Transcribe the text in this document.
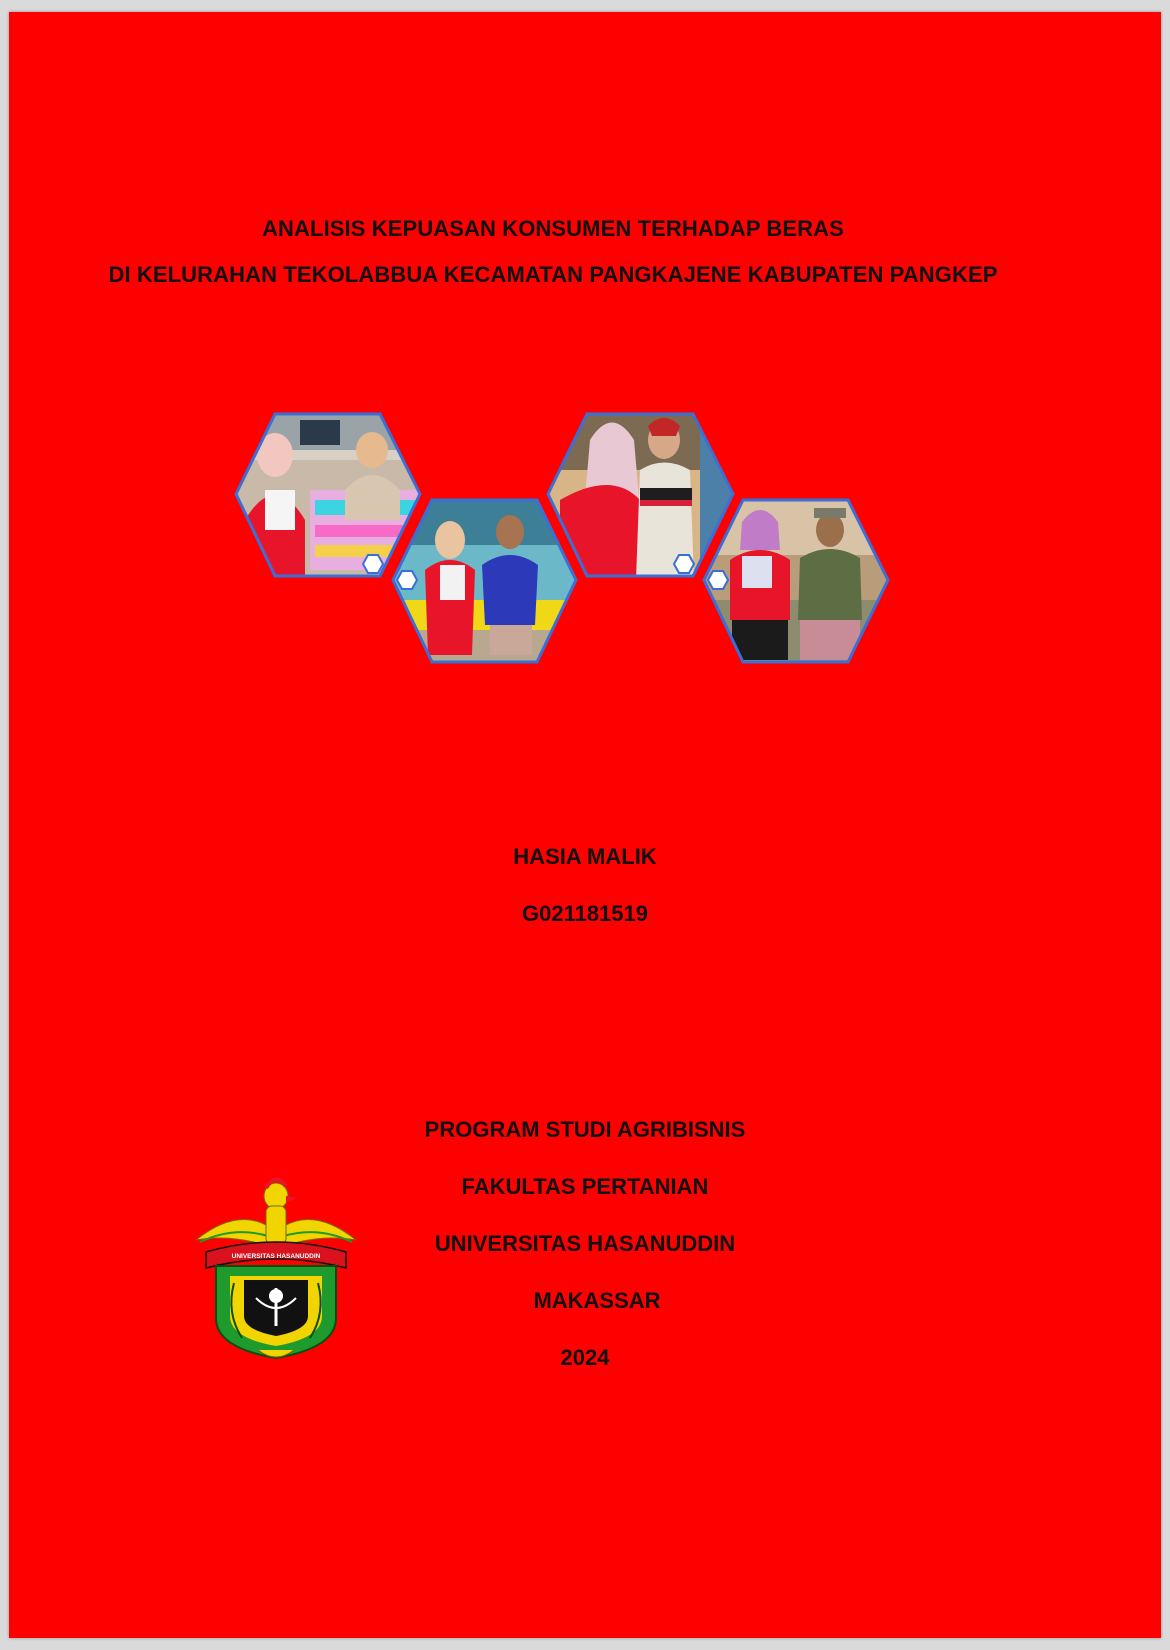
ANALISIS KEPUASAN KONSUMEN TERHADAP BERAS
DI KELURAHAN TEKOLABBUA KECAMATAN PANGKAJENE KABUPATEN PANGKEP
HASIA MALIK
G021181519
PROGRAM STUDI AGRIBISNIS
FAKULTAS PERTANIAN
UNIVERSITAS HASANUDDIN
MAKASSAR
2024
UNIVERSITAS HASANUDDIN
